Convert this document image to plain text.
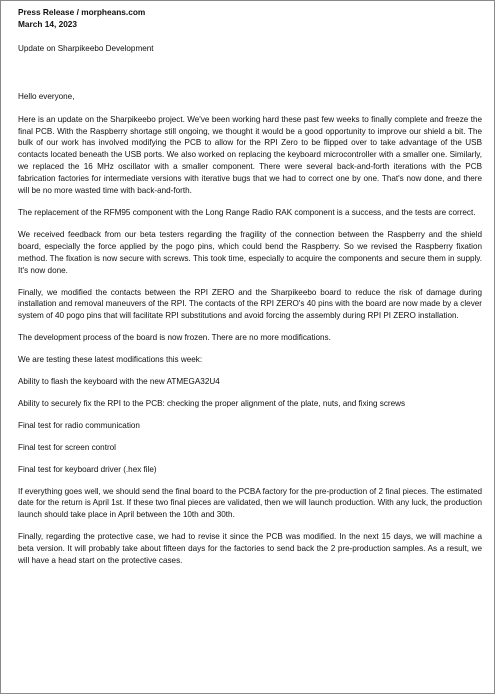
Press Release / morpheans.com

March 14, 2023

Update on Sharpikeebo Development

Hello everyone,

Here is an update on the Sharpikeebo project. We've been working hard these past few weeks to finally complete and freeze the final PCB. With the Raspberry shortage still ongoing, we thought it would be a good opportunity to improve our shield a bit. The bulk of our work has involved modifying the PCB to allow for the RPI Zero to be flipped over to take advantage of the USB contacts located beneath the USB ports. We also worked on replacing the keyboard microcontroller with a smaller one. Similarly, we replaced the 16 MHz oscillator with a smaller component. There were several back-and-forth iterations with the PCB fabrication factories for intermediate versions with iterative bugs that we had to correct one by one. That's now done, and there will be no more wasted time with back-and-forth.

The replacement of the RFM95 component with the Long Range Radio RAK component is a success, and the tests are correct.

We received feedback from our beta testers regarding the fragility of the connection between the Raspberry and the shield board, especially the force applied by the pogo pins, which could bend the Raspberry. So we revised the Raspberry fixation method. The fixation is now secure with screws. This took time, especially to acquire the components and secure them in supply. It's now done.

Finally, we modified the contacts between the RPI ZERO and the Sharpikeebo board to reduce the risk of damage during installation and removal maneuvers of the RPI. The contacts of the RPI ZERO's 40 pins with the board are now made by a clever system of 40 pogo pins that will facilitate RPI substitutions and avoid forcing the assembly during RPI PI ZERO installation.

The development process of the board is now frozen. There are no more modifications.

We are testing these latest modifications this week:

Ability to flash the keyboard with the new ATMEGA32U4

Ability to securely fix the RPI to the PCB: checking the proper alignment of the plate, nuts, and fixing screws

Final test for radio communication

Final test for screen control

Final test for keyboard driver (.hex file)

If everything goes well, we should send the final board to the PCBA factory for the pre-production of 2 final pieces. The estimated date for the return is April 1st. If these two final pieces are validated, then we will launch production. With any luck, the production launch should take place in April between the 10th and 30th.

Finally, regarding the protective case, we had to revise it since the PCB was modified. In the next 15 days, we will machine a beta version. It will probably take about fifteen days for the factories to send back the 2 pre-production samples. As a result, we will have a head start on the protective cases.
